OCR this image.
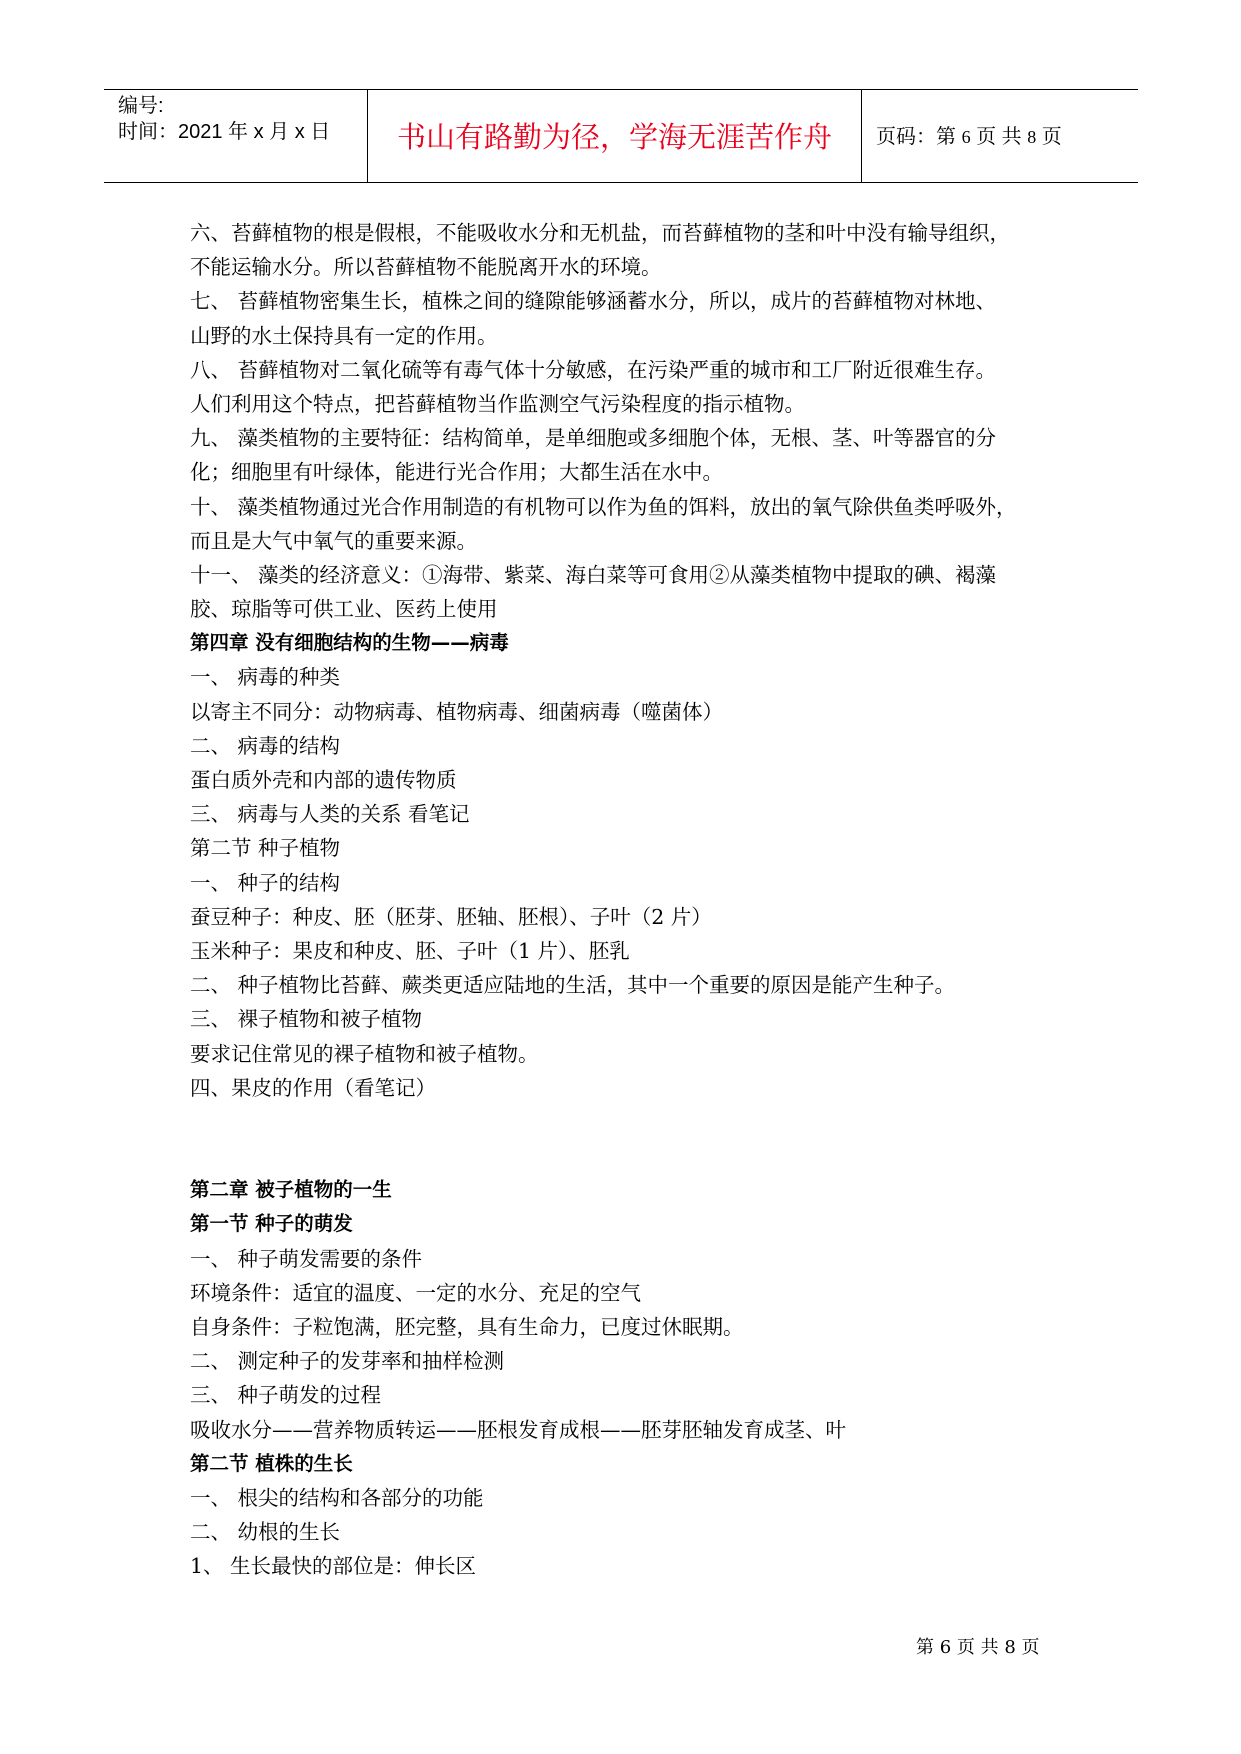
编号:
时间：2021 年 x 月 x 日	书山有路勤为径，学海无涯苦作舟	页码：第 6 页 共 8 页
六、苔藓植物的根是假根，不能吸收水分和无机盐，而苔藓植物的茎和叶中没有输导组织，
不能运输水分。所以苔藓植物不能脱离开水的环境。
七、 苔藓植物密集生长，植株之间的缝隙能够涵蓄水分，所以，成片的苔藓植物对林地、
山野的水土保持具有一定的作用。
八、 苔藓植物对二氧化硫等有毒气体十分敏感，在污染严重的城市和工厂附近很难生存。
人们利用这个特点，把苔藓植物当作监测空气污染程度的指示植物。
九、 藻类植物的主要特征：结构简单，是单细胞或多细胞个体，无根、茎、叶等器官的分
化；细胞里有叶绿体，能进行光合作用；大都生活在水中。
十、 藻类植物通过光合作用制造的有机物可以作为鱼的饵料，放出的氧气除供鱼类呼吸外，
而且是大气中氧气的重要来源。
十一、 藻类的经济意义：①海带、紫菜、海白菜等可食用②从藻类植物中提取的碘、褐藻
胶、琼脂等可供工业、医药上使用
第四章 没有细胞结构的生物——病毒
一、 病毒的种类
以寄主不同分：动物病毒、植物病毒、细菌病毒（噬菌体）
二、 病毒的结构
蛋白质外壳和内部的遗传物质
三、 病毒与人类的关系 看笔记
第二节 种子植物
一、 种子的结构
蚕豆种子：种皮、胚（胚芽、胚轴、胚根）、子叶（2 片）
玉米种子：果皮和种皮、胚、子叶（1 片）、胚乳
二、 种子植物比苔藓、蕨类更适应陆地的生活，其中一个重要的原因是能产生种子。
三、 裸子植物和被子植物
要求记住常见的裸子植物和被子植物。
四、果皮的作用（看笔记）
第二章 被子植物的一生
第一节 种子的萌发
一、 种子萌发需要的条件
环境条件：适宜的温度、一定的水分、充足的空气
自身条件：子粒饱满，胚完整，具有生命力，已度过休眠期。
二、 测定种子的发芽率和抽样检测
三、 种子萌发的过程
吸收水分——营养物质转运——胚根发育成根——胚芽胚轴发育成茎、叶
第二节 植株的生长
一、 根尖的结构和各部分的功能
二、 幼根的生长
1、 生长最快的部位是：伸长区
第 6 页 共 8 页
